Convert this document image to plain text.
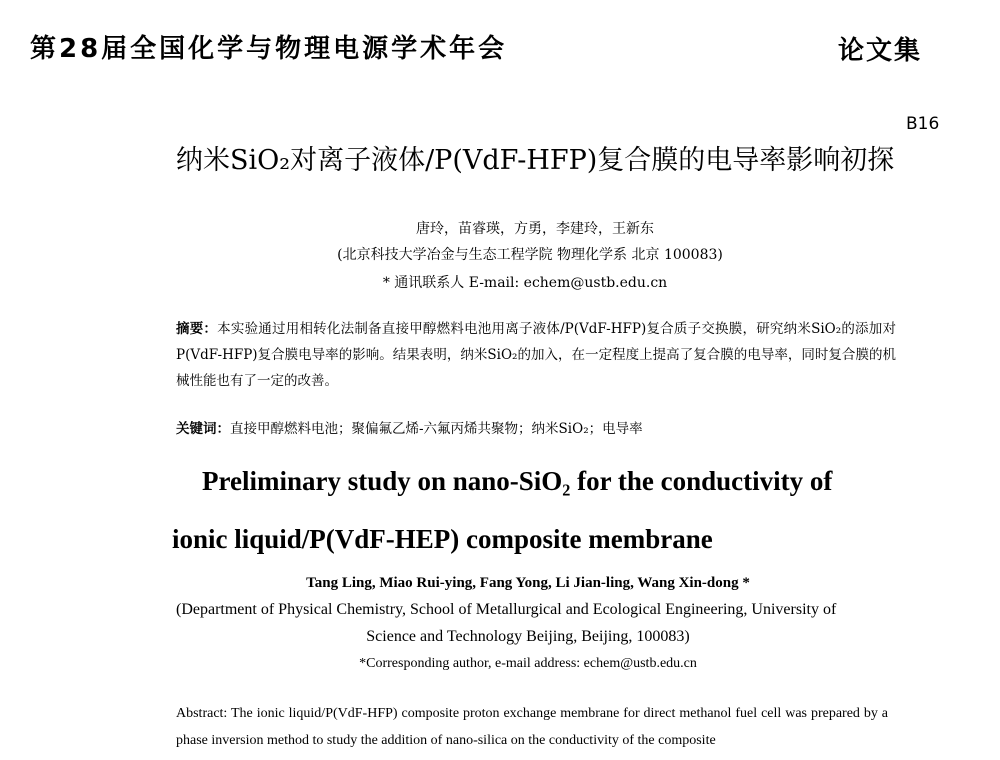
第28届全国化学与物理电源学术年会	论文集
B16
纳米SiO₂对离子液体/P(VdF-HFP)复合膜的电导率影响初探
唐玲，苗睿瑛，方勇，李建玲，王新东
(北京科技大学冶金与生态工程学院 物理化学系 北京 100083)
* 通讯联系人 E-mail: echem@ustb.edu.cn
摘要：本实验通过用相转化法制备直接甲醇燃料电池用离子液体/P(VdF-HFP)复合质子交换膜，研究纳米SiO₂的添加对P(VdF-HFP)复合膜电导率的影响。结果表明，纳米SiO₂的加入，在一定程度上提高了复合膜的电导率，同时复合膜的机械性能也有了一定的改善。
关键词：直接甲醇燃料电池；聚偏氟乙烯-六氟丙烯共聚物；纳米SiO₂；电导率
Preliminary study on nano-SiO₂ for the conductivity of
ionic liquid/P(VdF-HEP) composite membrane
Tang Ling, Miao Rui-ying, Fang Yong, Li Jian-ling, Wang Xin-dong *
(Department of Physical Chemistry, School of Metallurgical and Ecological Engineering, University of
Science and Technology Beijing, Beijing, 100083)
*Corresponding author, e-mail address: echem@ustb.edu.cn
Abstract: The ionic liquid/P(VdF-HFP) composite proton exchange membrane for direct methanol fuel cell was prepared by a phase inversion method to study the addition of nano-silica on the conductivity of the composite
